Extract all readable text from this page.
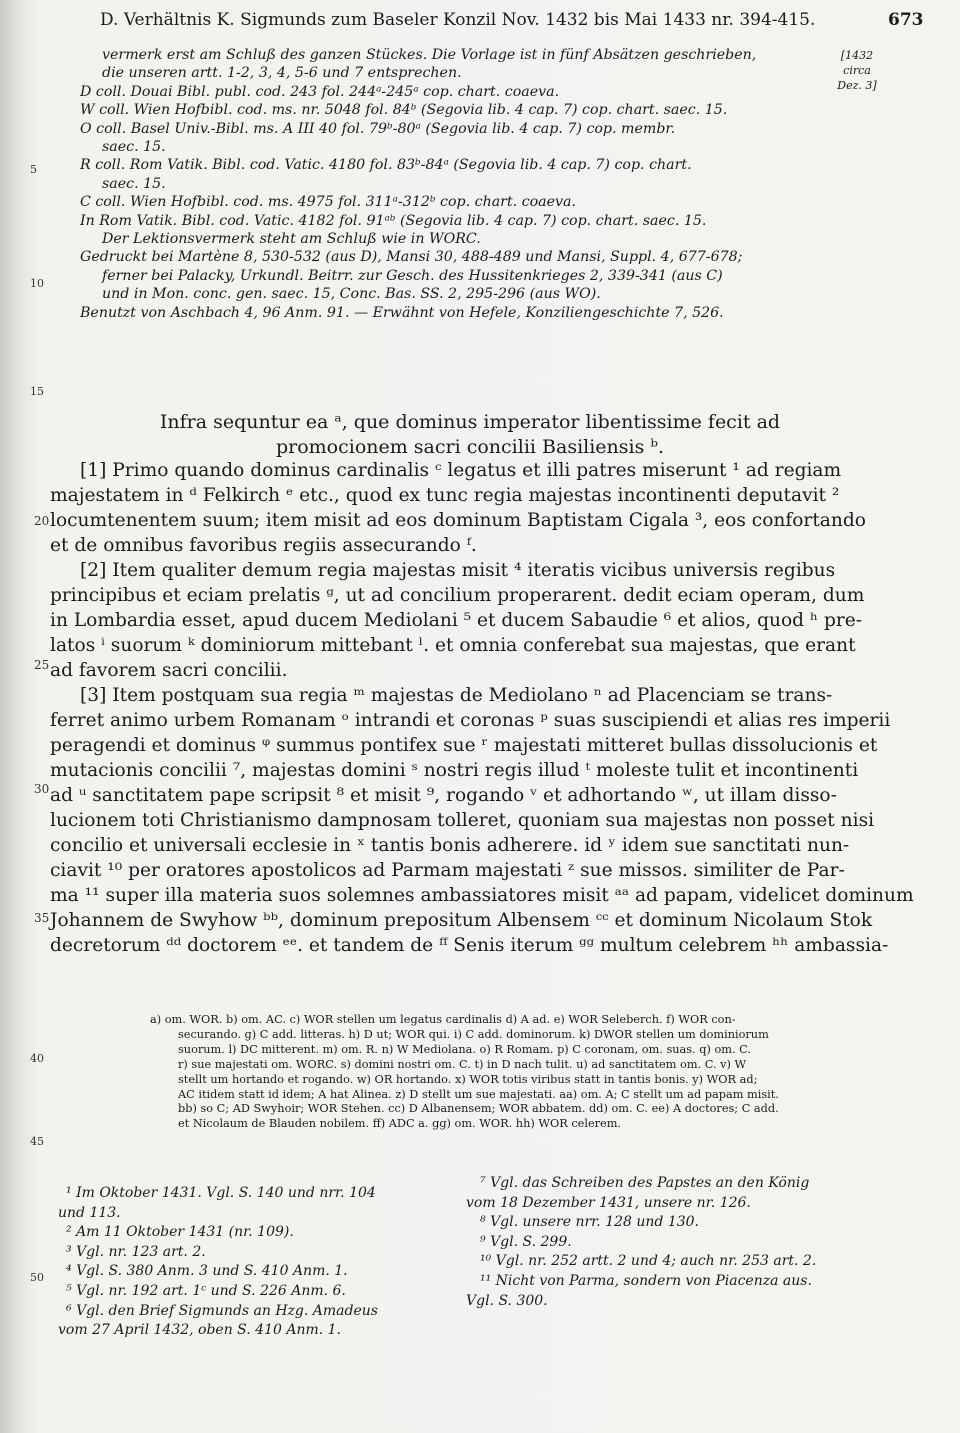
D. Verhältnis K. Sigmunds zum Baseler Konzil Nov. 1432 bis Mai 1433 nr. 394-415.	673
[1432
circa
Dez. 3]
vermerk erst am Schluß des ganzen Stückes. Die Vorlage ist in fünf Absätzen geschrieben,
die unseren artt. 1-2, 3, 4, 5-6 und 7 entsprechen.
D coll. Douai Bibl. publ. cod. 243 fol. 244ᵃ-245ᵃ cop. chart. coaeva.
W coll. Wien Hofbibl. cod. ms. nr. 5048 fol. 84ᵇ (Segovia lib. 4 cap. 7) cop. chart. saec. 15.
O coll. Basel Univ.-Bibl. ms. A III 40 fol. 79ᵇ-80ᵃ (Segovia lib. 4 cap. 7) cop. membr.
saec. 15.
R coll. Rom Vatik. Bibl. cod. Vatic. 4180 fol. 83ᵇ-84ᵃ (Segovia lib. 4 cap. 7) cop. chart.
saec. 15.
C coll. Wien Hofbibl. cod. ms. 4975 fol. 311ᵃ-312ᵇ cop. chart. coaeva.
In Rom Vatik. Bibl. cod. Vatic. 4182 fol. 91ᵃᵇ (Segovia lib. 4 cap. 7) cop. chart. saec. 15.
Der Lektionsvermerk steht am Schluß wie in WORC.
Gedruckt bei Martène 8, 530-532 (aus D), Mansi 30, 488-489 und Mansi, Suppl. 4, 677-678;
ferner bei Palacky, Urkundl. Beitrr. zur Gesch. des Hussitenkrieges 2, 339-341 (aus C)
und in Mon. conc. gen. saec. 15, Conc. Bas. SS. 2, 295-296 (aus WO).
Benutzt von Aschbach 4, 96 Anm. 91. — Erwähnt von Hefele, Konziliengeschichte 7, 526.
Infra sequntur ea ᵃ, que dominus imperator libentissime fecit ad
promocionem sacri concilii Basiliensis ᵇ.
[1] Primo quando dominus cardinalis ᶜ legatus et illi patres miserunt ¹ ad regiam
majestatem in ᵈ Felkirch ᵉ etc., quod ex tunc regia majestas incontinenti deputavit ²
locumtenentem suum; item misit ad eos dominum Baptistam Cigala ³, eos confortando
et de omnibus favoribus regiis assecurando ᶠ.
[2] Item qualiter demum regia majestas misit ⁴ iteratis vicibus universis regibus
principibus et eciam prelatis ᵍ, ut ad concilium properarent. dedit eciam operam, dum
in Lombardia esset, apud ducem Mediolani ⁵ et ducem Sabaudie ⁶ et alios, quod ʰ pre-
latos ⁱ suorum ᵏ dominiorum mittebant ˡ. et omnia conferebat sua majestas, que erant
ad favorem sacri concilii.
[3] Item postquam sua regia ᵐ majestas de Mediolano ⁿ ad Placenciam se trans-
ferret animo urbem Romanam ᵒ intrandi et coronas ᵖ suas suscipiendi et alias res imperii
peragendi et dominus ᵠ summus pontifex sue ʳ majestati mitteret bullas dissolucionis et
mutacionis concilii ⁷, majestas domini ˢ nostri regis illud ᵗ moleste tulit et incontinenti
ad ᵘ sanctitatem pape scripsit ⁸ et misit ⁹, rogando ᵛ et adhortando ʷ, ut illam disso-
lucionem toti Christianismo dampnosam tolleret, quoniam sua majestas non posset nisi
concilio et universali ecclesie in ˣ tantis bonis adherere. id ʸ idem sue sanctitati nun-
ciavit ¹⁰ per oratores apostolicos ad Parmam majestati ᶻ sue missos. similiter de Par-
ma ¹¹ super illa materia suos solemnes ambassiatores misit ᵃᵃ ad papam, videlicet dominum
Johannem de Swyhow ᵇᵇ, dominum prepositum Albensem ᶜᶜ et dominum Nicolaum Stok
decretorum ᵈᵈ doctorem ᵉᵉ. et tandem de ᶠᶠ Senis iterum ᵍᵍ multum celebrem ʰʰ ambassia-
a) om. WOR. b) om. AC. c) WOR stellen um legatus cardinalis d) A ad. e) WOR Seleberch. f) WOR con-
securando. g) C add. litteras. h) D ut; WOR qui. i) C add. dominorum. k) DWOR stellen um dominiorum
suorum. l) DC mitterent. m) om. R. n) W Mediolana. o) R Romam. p) C coronam, om. suas. q) om. C.
r) sue majestati om. WORC. s) domini nostri om. C. t) in D nach tulit. u) ad sanctitatem om. C. v) W
stellt um hortando et rogando. w) OR hortando. x) WOR totis viribus statt in tantis bonis. y) WOR ad;
AC itidem statt id idem; A hat Alinea. z) D stellt um sue majestati. aa) om. A; C stellt um ad papam misit.
bb) so C; AD Swyhoir; WOR Stehen. cc) D Albanensem; WOR abbatem. dd) om. C. ee) A doctores; C add.
et Nicolaum de Blauden nobilem. ff) ADC a. gg) om. WOR. hh) WOR celerem.
¹ Im Oktober 1431. Vgl. S. 140 und nrr. 104
und 113.
² Am 11 Oktober 1431 (nr. 109).
³ Vgl. nr. 123 art. 2.
⁴ Vgl. S. 380 Anm. 3 und S. 410 Anm. 1.
⁵ Vgl. nr. 192 art. 1ᶜ und S. 226 Anm. 6.
⁶ Vgl. den Brief Sigmunds an Hzg. Amadeus
vom 27 April 1432, oben S. 410 Anm. 1.
⁷ Vgl. das Schreiben des Papstes an den König
vom 18 Dezember 1431, unsere nr. 126.
⁸ Vgl. unsere nrr. 128 und 130.
⁹ Vgl. S. 299.
¹⁰ Vgl. nr. 252 artt. 2 und 4; auch nr. 253 art. 2.
¹¹ Nicht von Parma, sondern von Piacenza aus.
Vgl. S. 300.
5
10
15
20
25
30
35
40
45
50
